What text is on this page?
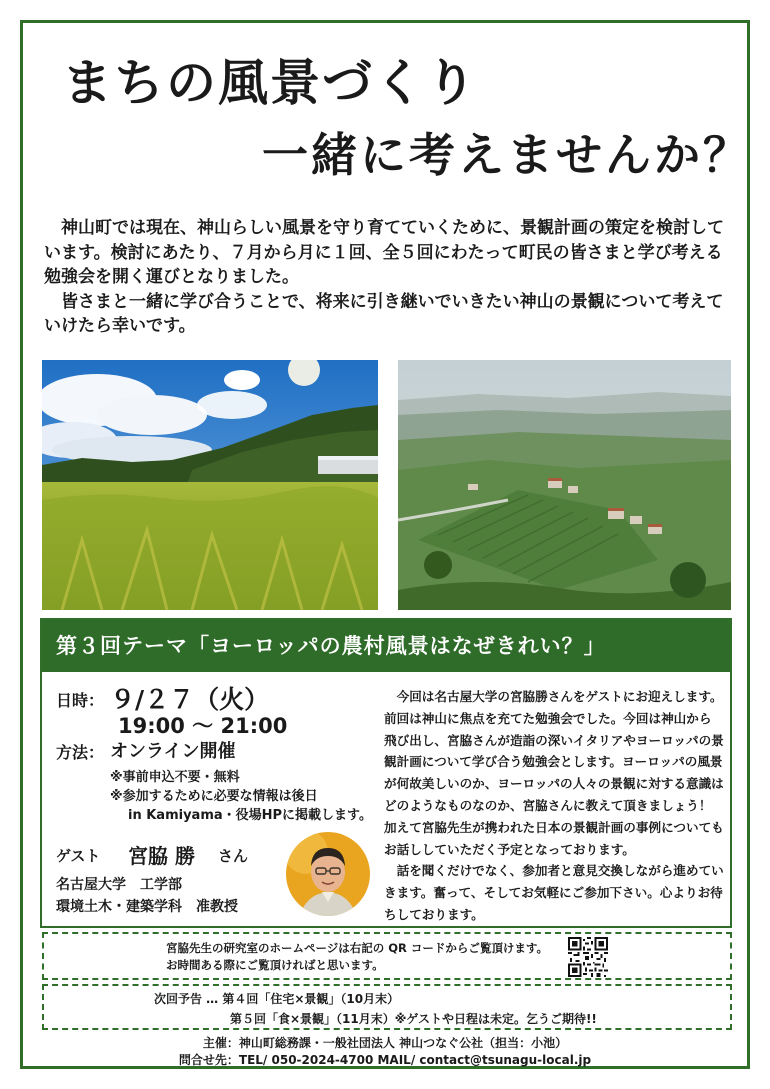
まちの風景づくり
一緒に考えませんか？

神山町では現在、神山らしい風景を守り育てていくために、景観計画の策定を検討しています。検討にあたり、７月から月に１回、全５回にわたって町民の皆さまと学び考える勉強会を開く運びとなりました。

皆さまと一緒に学び合うことで、将来に引き継いでいきたい神山の景観について考えていけたら幸いです。

第３回テーマ「ヨーロッパの農村風景はなぜきれい？」
日時： ９/２７（火）
19:00 ～ 21:00
方法： オンライン開催
※事前申込不要・無料
※参加するために必要な情報は後日
in Kamiyama・役場HPに掲載します。
ゲスト 宮脇 勝 さん
名古屋大学　工学部
環境土木・建築学科　准教授

今回は名古屋大学の宮脇勝さんをゲストにお迎えします。前回は神山に焦点を充てた勉強会でした。今回は神山から飛び出し、宮脇さんが造詣の深いイタリアやヨーロッパの景観計画について学び合う勉強会とします。ヨーロッパの風景が何故美しいのか、ヨーロッパの人々の景観に対する意識はどのようなものなのか、宮脇さんに教えて頂きましょう！加えて宮脇先生が携われた日本の景観計画の事例についてもお話ししていただく予定となっております。

話を聞くだけでなく、参加者と意見交換しながら進めていきます。奮って、そしてお気軽にご参加下さい。心よりお待ちしております。

宮脇先生の研究室のホームページは右記の QR コードからご覧頂けます。
お時間ある際にご覧頂ければと思います。
次回予告 … 第４回「住宅×景観」（10月末）
第５回「食×景観」（11月末）※ゲストや日程は未定。乞うご期待!!
主催：神山町総務課・一般社団法人 神山つなぐ公社（担当：小池）
問合せ先：TEL/ 050-2024-4700 MAIL/ contact@tsunagu-local.jp
